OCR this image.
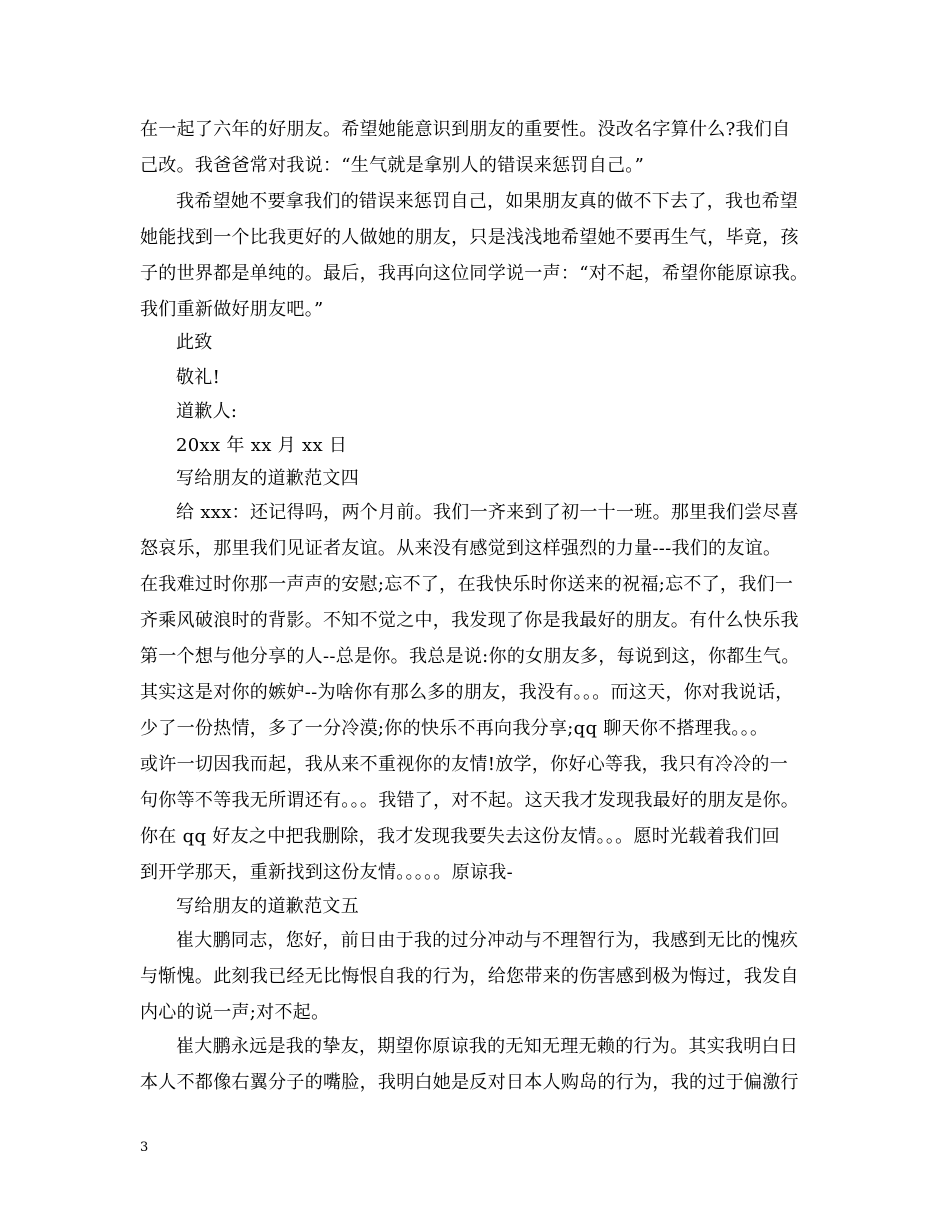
在一起了六年的好朋友。希望她能意识到朋友的重要性。没改名字算什么?我们自
己改。我爸爸常对我说：“生气就是拿别人的错误来惩罚自己。”
我希望她不要拿我们的错误来惩罚自己，如果朋友真的做不下去了，我也希望
她能找到一个比我更好的人做她的朋友，只是浅浅地希望她不要再生气，毕竟，孩
子的世界都是单纯的。最后，我再向这位同学说一声：“对不起，希望你能原谅我。
我们重新做好朋友吧。”
此致
敬礼!
道歉人:
20xx 年 xx 月 xx 日
写给朋友的道歉范文四
给 xxx：还记得吗，两个月前。我们一齐来到了初一十一班。那里我们尝尽喜
怒哀乐，那里我们见证者友谊。从来没有感觉到这样强烈的力量---我们的友谊。
在我难过时你那一声声的安慰;忘不了，在我快乐时你送来的祝福;忘不了，我们一
齐乘风破浪时的背影。不知不觉之中，我发现了你是我最好的朋友。有什么快乐我
第一个想与他分享的人--总是你。我总是说:你的女朋友多，每说到这，你都生气。
其实这是对你的嫉妒--为啥你有那么多的朋友，我没有。。。而这天，你对我说话，
少了一份热情，多了一分冷漠;你的快乐不再向我分享;qq 聊天你不搭理我。。。
或许一切因我而起，我从来不重视你的友情!放学，你好心等我，我只有冷冷的一
句你等不等我无所谓还有。。。我错了，对不起。这天我才发现我最好的朋友是你。
你在 qq 好友之中把我删除，我才发现我要失去这份友情。。。愿时光载着我们回
到开学那天，重新找到这份友情。。。。。原谅我-
写给朋友的道歉范文五
崔大鹏同志，您好，前日由于我的过分冲动与不理智行为，我感到无比的愧疚
与惭愧。此刻我已经无比悔恨自我的行为，给您带来的伤害感到极为悔过，我发自
内心的说一声;对不起。
崔大鹏永远是我的挚友，期望你原谅我的无知无理无赖的行为。其实我明白日
本人不都像右翼分子的嘴脸，我明白她是反对日本人购岛的行为，我的过于偏激行
3
